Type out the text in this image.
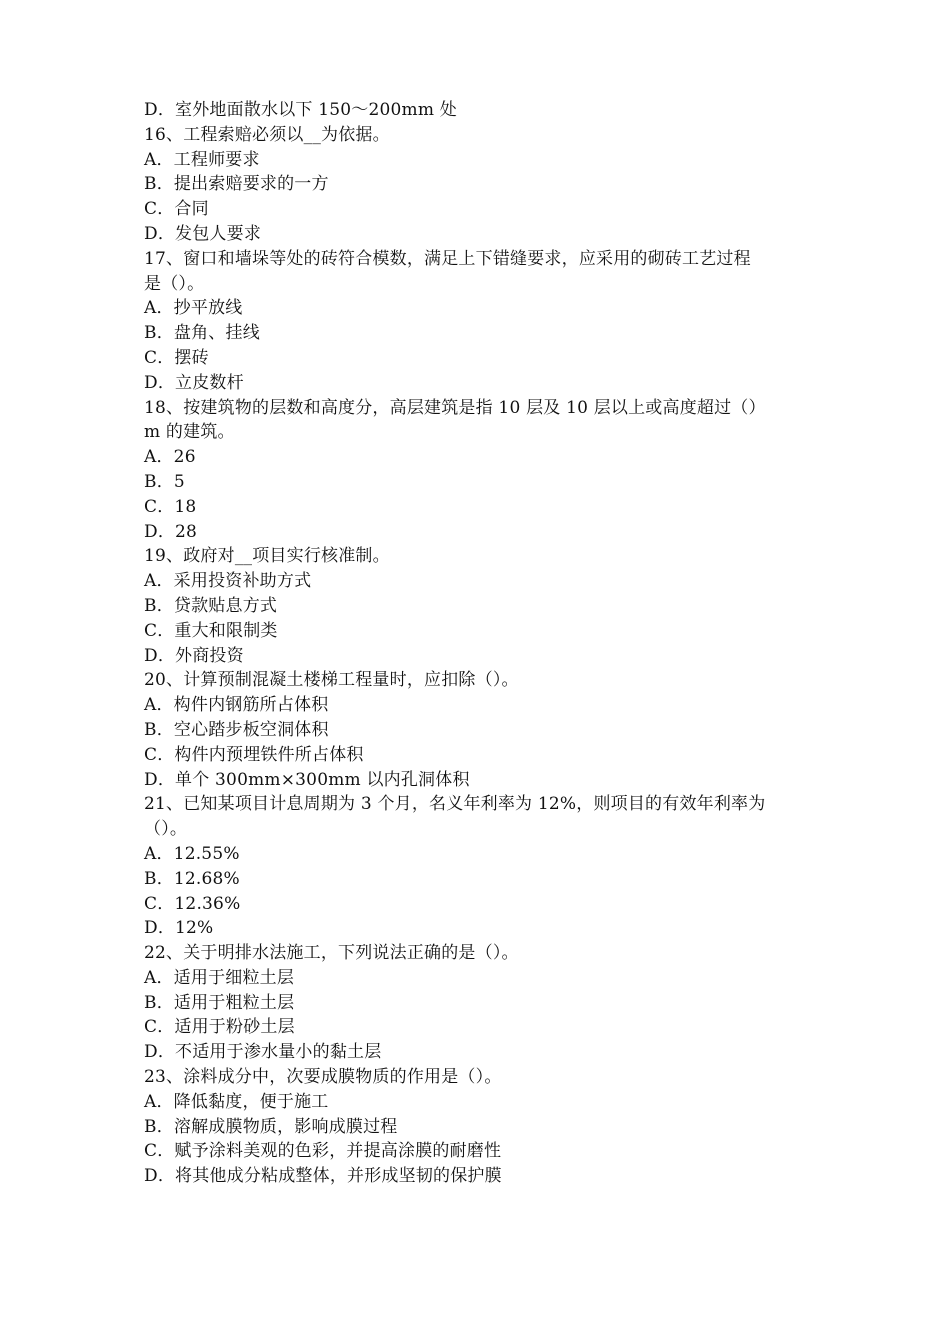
D．室外地面散水以下 150～200mm 处
16、工程索赔必须以__为依据。
A．工程师要求
B．提出索赔要求的一方
C．合同
D．发包人要求
17、窗口和墙垛等处的砖符合模数，满足上下错缝要求，应采用的砌砖工艺过程
是（）。
A．抄平放线
B．盘角、挂线
C．摆砖
D．立皮数杆
18、按建筑物的层数和高度分，高层建筑是指 10 层及 10 层以上或高度超过（）
m 的建筑。
A．26
B．5
C．18
D．28
19、政府对__项目实行核准制。
A．采用投资补助方式
B．贷款贴息方式
C．重大和限制类
D．外商投资
20、计算预制混凝土楼梯工程量时，应扣除（）。
A．构件内钢筋所占体积
B．空心踏步板空洞体积
C．构件内预埋铁件所占体积
D．单个 300mm×300mm 以内孔洞体积
21、已知某项目计息周期为 3 个月，名义年利率为 12%，则项目的有效年利率为
（）。
A．12.55%
B．12.68%
C．12.36%
D．12%
22、关于明排水法施工，下列说法正确的是（）。
A．适用于细粒土层
B．适用于粗粒土层
C．适用于粉砂土层
D．不适用于渗水量小的黏土层
23、涂料成分中，次要成膜物质的作用是（）。
A．降低黏度，便于施工
B．溶解成膜物质，影响成膜过程
C．赋予涂料美观的色彩，并提高涂膜的耐磨性
D．将其他成分粘成整体，并形成坚韧的保护膜
